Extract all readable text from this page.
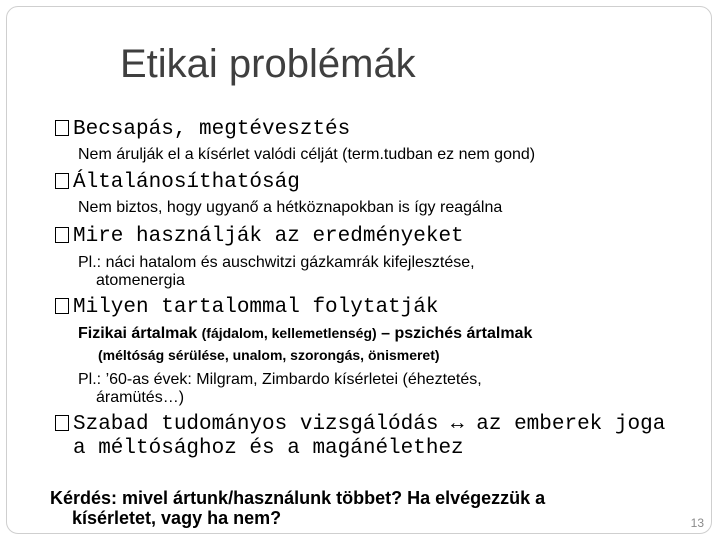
Etikai problémák
Becsapás, megtévesztés
Nem árulják el a kísérlet valódi célját (term.tudban ez nem gond)
Általánosíthatóság
Nem biztos, hogy ugyanő a hétköznapokban is így reagálna
Mire használják az eredményeket
Pl.: náci hatalom és auschwitzi gázkamrák kifejlesztése,
atomenergia
Milyen tartalommal folytatják
Fizikai ártalmak (fájdalom, kellemetlenség) – pszichés ártalmak
(méltóság sérülése, unalom, szorongás, önismeret)
Pl.: ’60-as évek: Milgram, Zimbardo kísérletei (éheztetés,
áramütés…)
Szabad tudományos vizsgálódás ↔ az emberek joga
a méltósághoz és a magánélethez
Kérdés: mivel ártunk/használunk többet? Ha elvégezzük a
kísérletet, vagy ha nem?	13
